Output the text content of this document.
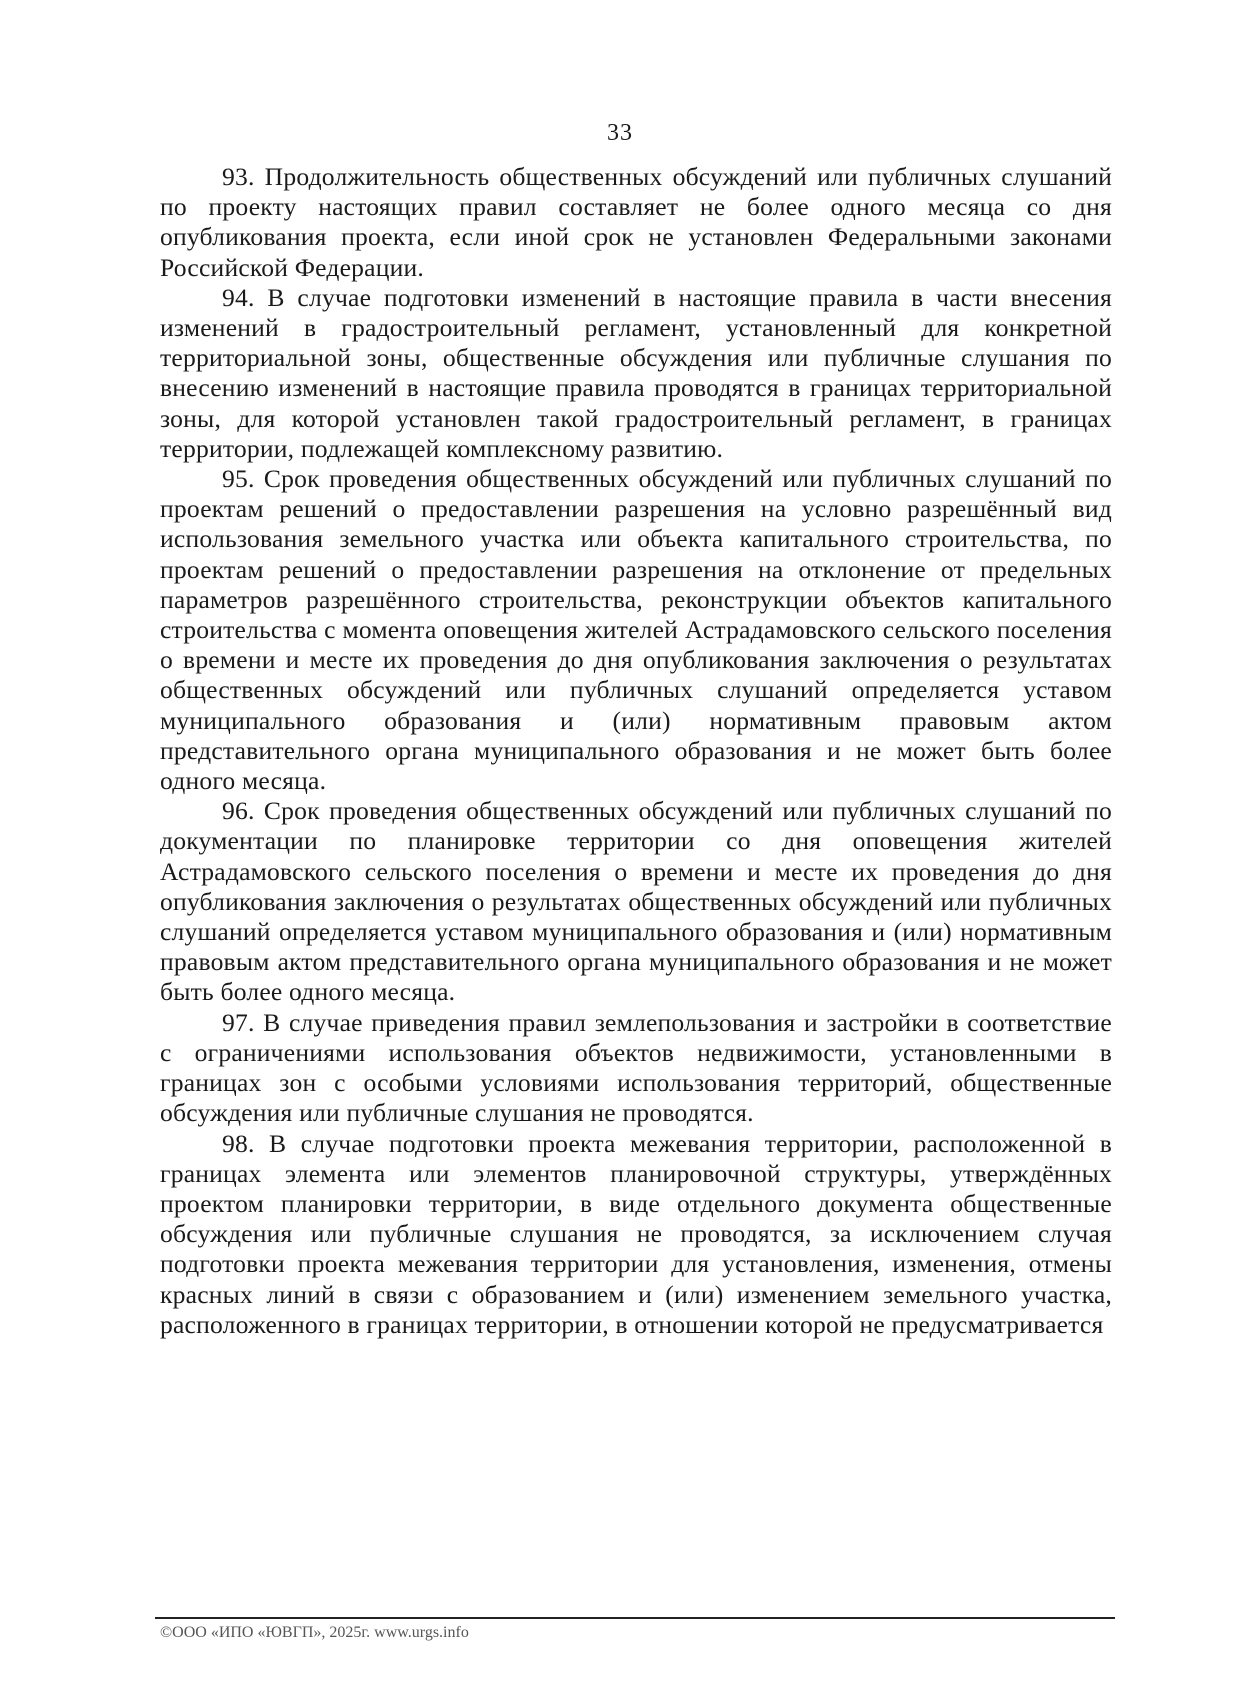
33

93. Продолжительность общественных обсуждений или публичных слушаний по проекту настоящих правил составляет не более одного месяца со дня опубликования проекта, если иной срок не установлен Федеральными законами Российской Федерации.

94. В случае подготовки изменений в настоящие правила в части внесения изменений в градостроительный регламент, установленный для конкретной территориальной зоны, общественные обсуждения или публичные слушания по внесению изменений в настоящие правила проводятся в границах территориальной зоны, для которой установлен такой градостроительный регламент, в границах территории, подлежащей комплексному развитию.

95. Срок проведения общественных обсуждений или публичных слушаний по проектам решений о предоставлении разрешения на условно разрешённый вид использования земельного участка или объекта капитального строительства, по проектам решений о предоставлении разрешения на отклонение от предельных параметров разрешённого строительства, реконструкции объектов капитального строительства с момента оповещения жителей Астрадамовского сельского поселения о времени и месте их проведения до дня опубликования заключения о результатах общественных обсуждений или публичных слушаний определяется уставом муниципального образования и (или) нормативным правовым актом представительного органа муниципального образования и не может быть более одного месяца.

96. Срок проведения общественных обсуждений или публичных слушаний по документации по планировке территории со дня оповещения жителей Астрадамовского сельского поселения о времени и месте их проведения до дня опубликования заключения о результатах общественных обсуждений или публичных слушаний определяется уставом муниципального образования и (или) нормативным правовым актом представительного органа муниципального образования и не может быть более одного месяца.

97. В случае приведения правил землепользования и застройки в соответствие с ограничениями использования объектов недвижимости, установленными в границах зон с особыми условиями использования территорий, общественные обсуждения или публичные слушания не проводятся.

98. В случае подготовки проекта межевания территории, расположенной в границах элемента или элементов планировочной структуры, утверждённых проектом планировки территории, в виде отдельного документа общественные обсуждения или публичные слушания не проводятся, за исключением случая подготовки проекта межевания территории для установления, изменения, отмены красных линий в связи с образованием и (или) изменением земельного участка, расположенного в границах территории, в отношении которой не предусматривается

©ООО «ИПО «ЮВГП», 2025г. www.urgs.info
